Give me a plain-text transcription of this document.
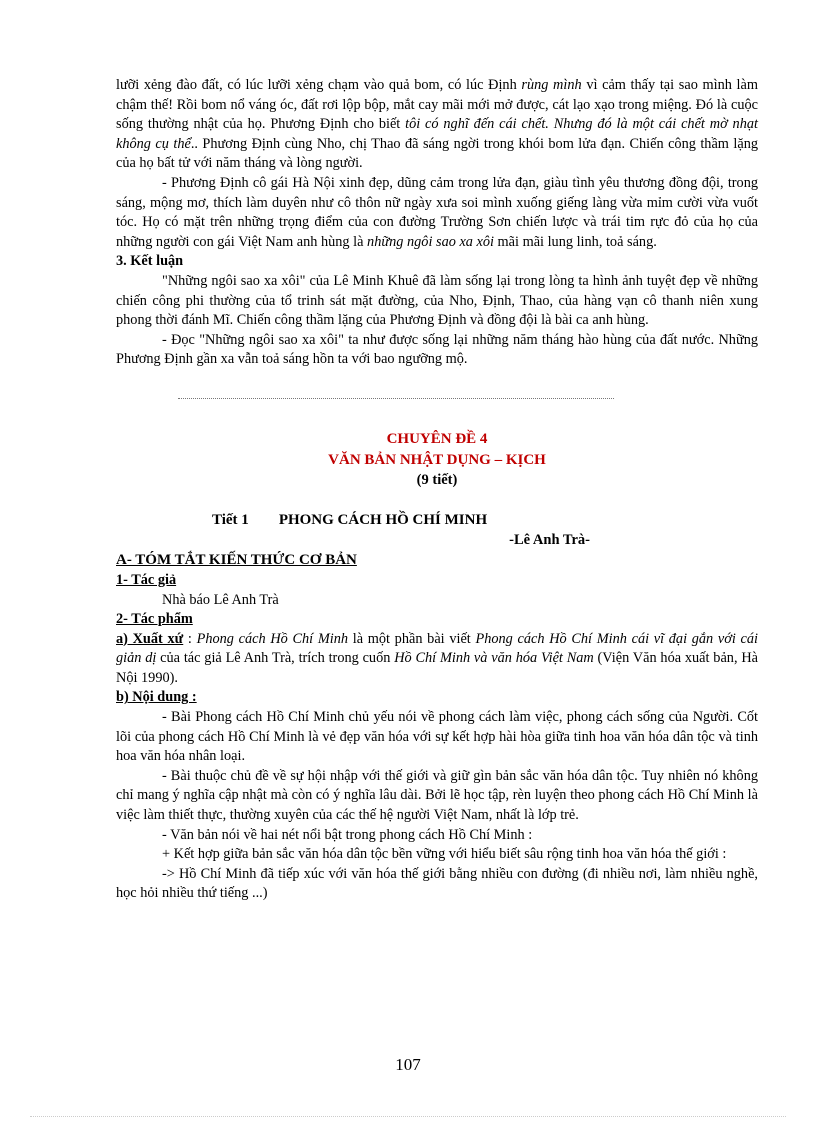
lưỡi xẻng đào đất, có lúc lưỡi xẻng chạm vào quả bom, có lúc Định rùng mình vì cảm thấy tại sao mình làm chậm thế! Rồi bom nổ váng óc, đất rơi lộp bộp, mắt cay mãi mới mở được, cát lạo xạo trong miệng. Đó là cuộc sống thường nhật của họ. Phương Định cho biết tôi có nghĩ đến cái chết. Nhưng đó là một cái chết mờ nhạt không cụ thể.. Phương Định cùng Nho, chị Thao đã sáng ngời trong khói bom lửa đạn. Chiến công thầm lặng của họ bất tử với năm tháng và lòng người.

- Phương Định cô gái Hà Nội xinh đẹp, dũng cảm trong lửa đạn, giàu tình yêu thương đồng đội, trong sáng, mộng mơ, thích làm duyên như cô thôn nữ ngày xưa soi mình xuống giếng làng vừa mỉm cười vừa vuốt tóc. Họ có mặt trên những trọng điểm của con đường Trường Sơn chiến lược và trái tim rực đỏ của họ của những người con gái Việt Nam anh hùng là những ngôi sao xa xôi mãi mãi lung linh, toả sáng.

3. Kết luận

"Những ngôi sao xa xôi" của Lê Minh Khuê đã làm sống lại trong lòng ta hình ảnh tuyệt đẹp về những chiến công phi thường của tổ trinh sát mặt đường, của Nho, Định, Thao, của hàng vạn cô thanh niên xung phong thời đánh Mĩ. Chiến công thầm lặng của Phương Định và đồng đội là bài ca anh hùng.

- Đọc "Những ngôi sao xa xôi" ta như được sống lại những năm tháng hào hùng của đất nước. Những Phương Định gần xa vẫn toả sáng hồn ta với bao ngưỡng mộ.

CHUYÊN ĐỀ 4
VĂN BẢN NHẬT DỤNG – KỊCH
(9 tiết)
Tiết 1 PHONG CÁCH HỒ CHÍ MINH
-Lê Anh Trà-

A- TÓM TẮT KIẾN THỨC CƠ BẢN

1- Tác giả

Nhà báo Lê Anh Trà

2- Tác phẩm

a) Xuất xứ : Phong cách Hồ Chí Minh là một phần bài viết Phong cách Hồ Chí Minh cái vĩ đại gắn với cái giản dị của tác giả Lê Anh Trà, trích trong cuốn Hồ Chí Minh và văn hóa Việt Nam (Viện Văn hóa xuất bản, Hà Nội 1990).

b) Nội dung :

- Bài Phong cách Hồ Chí Minh chủ yếu nói về phong cách làm việc, phong cách sống của Người. Cốt lõi của phong cách Hồ Chí Minh là vẻ đẹp văn hóa với sự kết hợp hài hòa giữa tinh hoa văn hóa dân tộc và tinh hoa văn hóa nhân loại.

- Bài thuộc chủ đề về sự hội nhập với thế giới và giữ gìn bản sắc văn hóa dân tộc. Tuy nhiên nó không chỉ mang ý nghĩa cập nhật mà còn có ý nghĩa lâu dài. Bởi lẽ học tập, rèn luyện theo phong cách Hồ Chí Minh là việc làm thiết thực, thường xuyên của các thế hệ người Việt Nam, nhất là lớp trẻ.

- Văn bản nói về hai nét nổi bật trong phong cách Hồ Chí Minh :

+ Kết hợp giữa bản sắc văn hóa dân tộc bền vững với hiểu biết sâu rộng tinh hoa văn hóa thế giới :

-> Hồ Chí Minh đã tiếp xúc với văn hóa thế giới bằng nhiều con đường (đi nhiều nơi, làm nhiều nghề, học hỏi nhiều thứ tiếng ...)

107
